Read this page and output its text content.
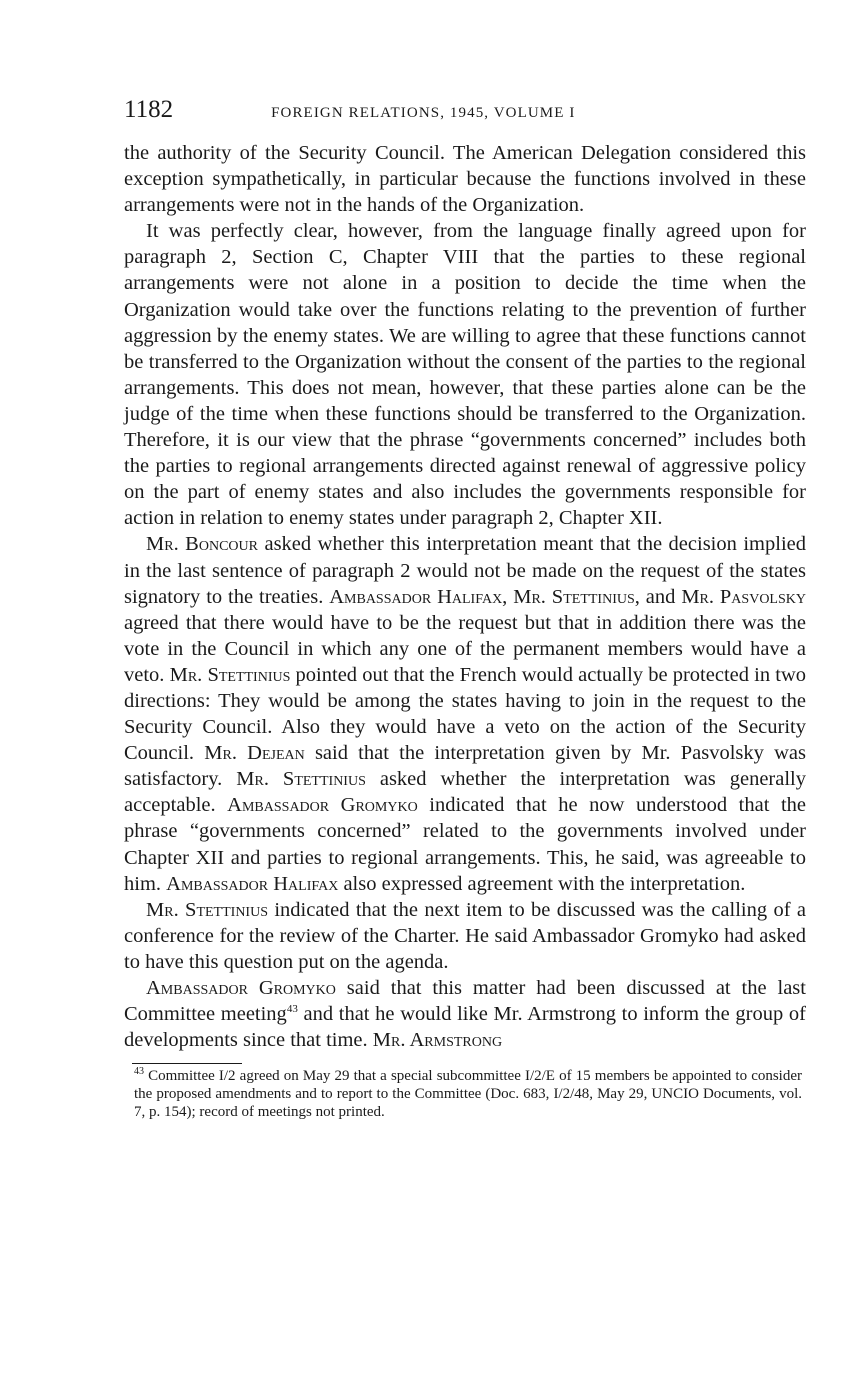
1182	FOREIGN RELATIONS, 1945, VOLUME I

the authority of the Security Council. The American Delegation considered this exception sympathetically, in particular because the functions involved in these arrangements were not in the hands of the Organization.

It was perfectly clear, however, from the language finally agreed upon for paragraph 2, Section C, Chapter VIII that the parties to these regional arrangements were not alone in a position to decide the time when the Organization would take over the functions relating to the prevention of further aggression by the enemy states. We are willing to agree that these functions cannot be transferred to the Organization without the consent of the parties to the regional arrangements. This does not mean, however, that these parties alone can be the judge of the time when these functions should be transferred to the Organization. Therefore, it is our view that the phrase “governments concerned” includes both the parties to regional arrangements directed against renewal of aggressive policy on the part of enemy states and also includes the governments responsible for action in relation to enemy states under paragraph 2, Chapter XII.

Mr. Boncour asked whether this interpretation meant that the decision implied in the last sentence of paragraph 2 would not be made on the request of the states signatory to the treaties. Ambassador Halifax, Mr. Stettinius, and Mr. Pasvolsky agreed that there would have to be the request but that in addition there was the vote in the Council in which any one of the permanent members would have a veto. Mr. Stettinius pointed out that the French would actually be protected in two directions: They would be among the states having to join in the request to the Security Council. Also they would have a veto on the action of the Security Council. Mr. Dejean said that the interpretation given by Mr. Pasvolsky was satisfactory. Mr. Stettinius asked whether the interpretation was generally acceptable. Ambassador Gromyko indicated that he now understood that the phrase “governments concerned” related to the governments involved under Chapter XII and parties to regional arrangements. This, he said, was agreeable to him. Ambassador Halifax also expressed agreement with the interpretation.

Mr. Stettinius indicated that the next item to be discussed was the calling of a conference for the review of the Charter. He said Ambassador Gromyko had asked to have this question put on the agenda.

Ambassador Gromyko said that this matter had been discussed at the last Committee meeting$^{43}$ and that he would like Mr. Armstrong to inform the group of developments since that time. Mr. Armstrong

$^{43}$ Committee I/2 agreed on May 29 that a special subcommittee I/2/E of 15 members be appointed to consider the proposed amendments and to report to the Committee (Doc. 683, I/2/48, May 29, UNCIO Documents, vol. 7, p. 154); record of meetings not printed.
